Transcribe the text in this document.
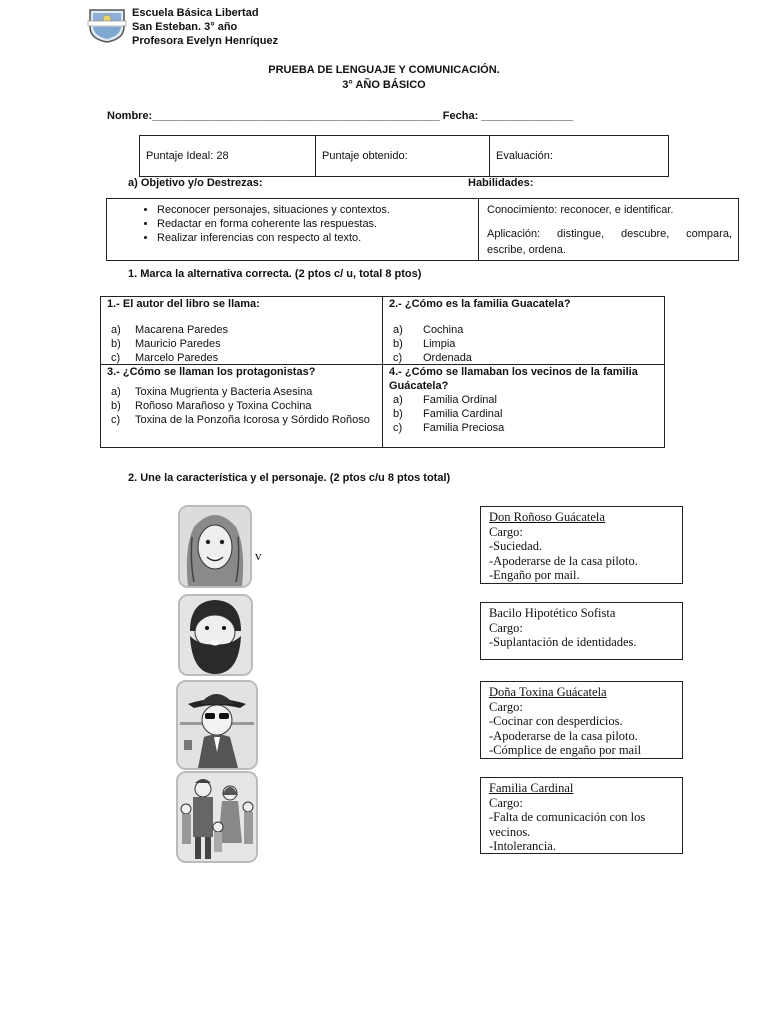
Escuela Básica Libertad
San Esteban. 3° año
Profesora Evelyn Henríquez
PRUEBA DE LENGUAJE Y COMUNICACIÓN.
3° AÑO BÁSICO
Nombre:_______________________________________________ Fecha: _______________
Puntaje Ideal: 28	Puntaje obtenido:	Evaluación:
a) Objetivo y/o Destrezas:	Habilidades:
• Reconocer personajes, situaciones y contextos.
• Redactar en forma coherente las respuestas.
• Realizar inferencias con respecto al texto.
Conocimiento: reconocer, e identificar.
Aplicación: distingue, descubre, compara, escribe, ordena.
1. Marca la alternativa correcta. (2 ptos c/ u, total 8 ptos)
1.- El autor del libro se llama:
a)	Macarena Paredes
b)	Mauricio Paredes
c)	Marcelo Paredes
2.- ¿Cómo es la familia Guacatela?
a)	Cochina
b)	Limpia
c)	Ordenada
3.- ¿Cómo se llaman los protagonistas?
a)	Toxina Mugrienta y Bacteria Asesina
b)	Roñoso Marañoso y Toxina Cochina
c)	Toxina de la Ponzoña Icorosa y Sórdido Roñoso
4.- ¿Cómo se llamaban los vecinos de la familia Guácatela?
a)	Familia Ordinal
b)	Familia Cardinal
c)	Familia Preciosa
2. Une la característica y el personaje. (2 ptos c/u 8 ptos total)
v
Don Roñoso Guácatela
Cargo:
-Suciedad.
-Apoderarse de la casa piloto.
-Engaño por mail.
Bacilo Hipotético Sofista
Cargo:
-Suplantación de identidades.
Doña Toxina Guácatela
Cargo:
-Cocinar con desperdicios.
-Apoderarse de la casa piloto.
-Cómplice de engaño por mail
Familia Cardinal
Cargo:
-Falta de comunicación con los vecinos.
-Intolerancia.
